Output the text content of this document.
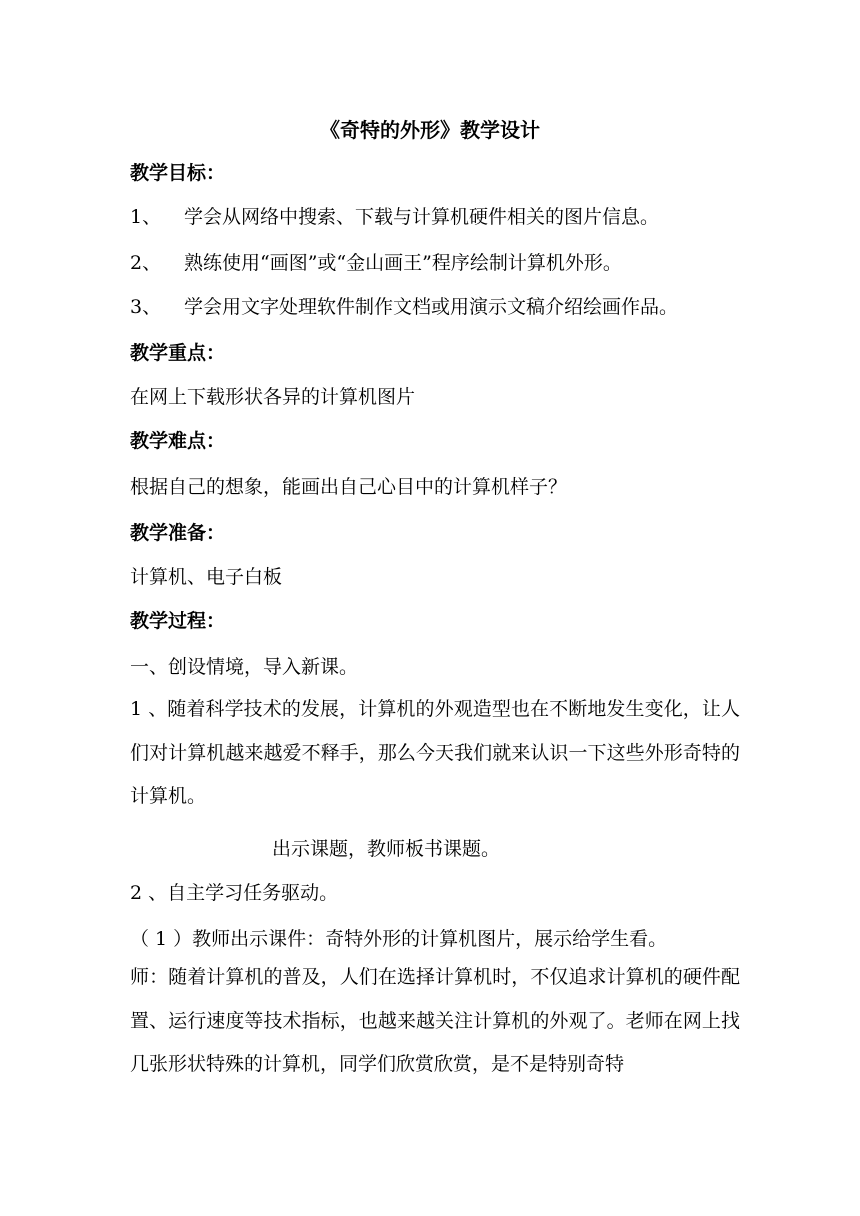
《奇特的外形》教学设计
教学目标：
1、 学会从网络中搜索、下载与计算机硬件相关的图片信息。
2、 熟练使用“画图”或“金山画王”程序绘制计算机外形。
3、 学会用文字处理软件制作文档或用演示文稿介绍绘画作品。
教学重点：
在网上下载形状各异的计算机图片
教学难点：
根据自己的想象，能画出自己心目中的计算机样子？
教学准备：
计算机、电子白板
教学过程：
一、创设情境，导入新课。

1 、随着科学技术的发展，计算机的外观造型也在不断地发生变化，让人们对计算机越来越爱不释手，那么今天我们就来认识一下这些外形奇特的计算机。

出示课题，教师板书课题。
2 、自主学习任务驱动。
（ 1 ）教师出示课件：奇特外形的计算机图片，展示给学生看。

师：随着计算机的普及，人们在选择计算机时，不仅追求计算机的硬件配置、运行速度等技术指标，也越来越关注计算机的外观了。老师在网上找几张形状特殊的计算机，同学们欣赏欣赏，是不是特别奇特
